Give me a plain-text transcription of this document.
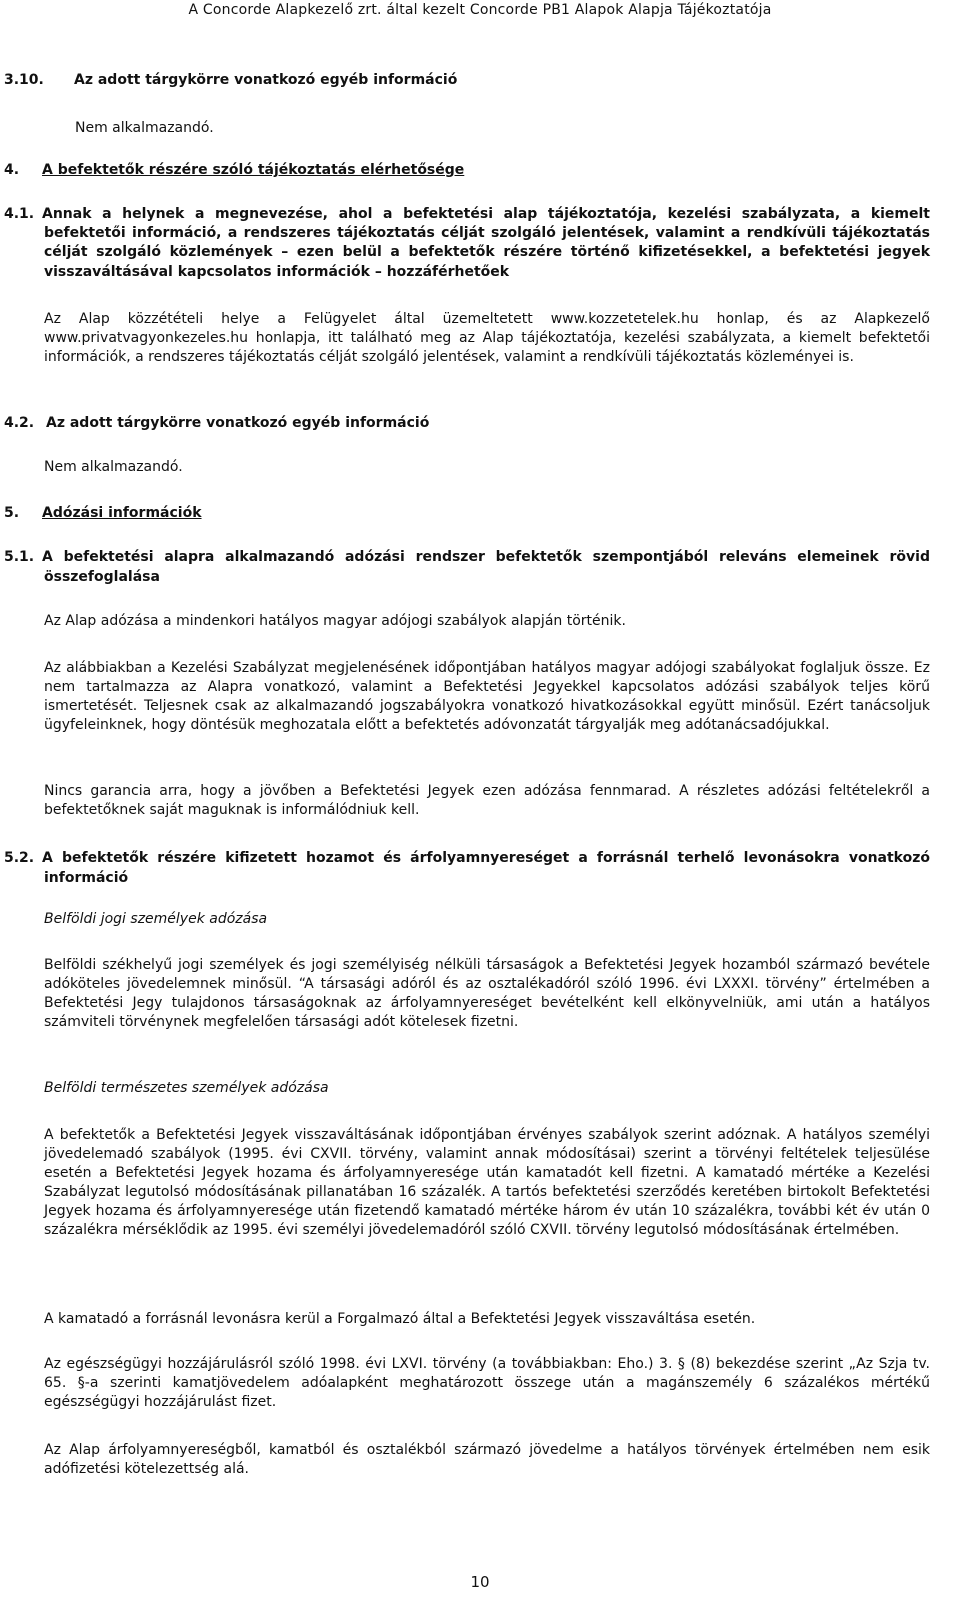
A Concorde Alapkezelő zrt. által kezelt Concorde PB1 Alapok Alapja Tájékoztatója
3.10. Az adott tárgykörre vonatkozó egyéb információ
Nem alkalmazandó.
4. A befektetők részére szóló tájékoztatás elérhetősége
4.1. Annak a helynek a megnevezése, ahol a befektetési alap tájékoztatója, kezelési szabályzata, a kiemelt befektetői információ, a rendszeres tájékoztatás célját szolgáló jelentések, valamint a rendkívüli tájékoztatás célját szolgáló közlemények – ezen belül a befektetők részére történő kifizetésekkel, a befektetési jegyek visszaváltásával kapcsolatos információk – hozzáférhetőek
Az Alap közzétételi helye a Felügyelet által üzemeltetett www.kozzetetelek.hu honlap, és az Alapkezelő www.privatvagyonkezeles.hu honlapja, itt található meg az Alap tájékoztatója, kezelési szabályzata, a kiemelt befektetői információk, a rendszeres tájékoztatás célját szolgáló jelentések, valamint a rendkívüli tájékoztatás közleményei is.
4.2. Az adott tárgykörre vonatkozó egyéb információ
Nem alkalmazandó.
5. Adózási információk
5.1. A befektetési alapra alkalmazandó adózási rendszer befektetők szempontjából releváns elemeinek rövid összefoglalása
Az Alap adózása a mindenkori hatályos magyar adójogi szabályok alapján történik.
Az alábbiakban a Kezelési Szabályzat megjelenésének időpontjában hatályos magyar adójogi szabályokat foglaljuk össze. Ez nem tartalmazza az Alapra vonatkozó, valamint a Befektetési Jegyekkel kapcsolatos adózási szabályok teljes körű ismertetését. Teljesnek csak az alkalmazandó jogszabályokra vonatkozó hivatkozásokkal együtt minősül. Ezért tanácsoljuk ügyfeleinknek, hogy döntésük meghozatala előtt a befektetés adóvonzatát tárgyalják meg adótanácsadójukkal.
Nincs garancia arra, hogy a jövőben a Befektetési Jegyek ezen adózása fennmarad. A részletes adózási feltételekről a befektetőknek saját maguknak is informálódniuk kell.
5.2. A befektetők részére kifizetett hozamot és árfolyamnyereséget a forrásnál terhelő levonásokra vonatkozó információ
Belföldi jogi személyek adózása
Belföldi székhelyű jogi személyek és jogi személyiség nélküli társaságok a Befektetési Jegyek hozamból származó bevétele adóköteles jövedelemnek minősül. “A társasági adóról és az osztalékadóról szóló 1996. évi LXXXI. törvény” értelmében a Befektetési Jegy tulajdonos társaságoknak az árfolyamnyereséget bevételként kell elkönyvelniük, ami után a hatályos számviteli törvénynek megfelelően társasági adót kötelesek fizetni.
Belföldi természetes személyek adózása
A befektetők a Befektetési Jegyek visszaváltásának időpontjában érvényes szabályok szerint adóznak. A hatályos személyi jövedelemadó szabályok (1995. évi CXVII. törvény, valamint annak módosításai) szerint a törvényi feltételek teljesülése esetén a Befektetési Jegyek hozama és árfolyamnyeresége után kamatadót kell fizetni. A kamatadó mértéke a Kezelési Szabályzat legutolsó módosításának pillanatában 16 százalék. A tartós befektetési szerződés keretében birtokolt Befektetési Jegyek hozama és árfolyamnyeresége után fizetendő kamatadó mértéke három év után 10 százalékra, további két év után 0 százalékra mérséklődik az 1995. évi személyi jövedelemadóról szóló CXVII. törvény legutolsó módosításának értelmében.
A kamatadó a forrásnál levonásra kerül a Forgalmazó által a Befektetési Jegyek visszaváltása esetén.
Az egészségügyi hozzájárulásról szóló 1998. évi LXVI. törvény (a továbbiakban: Eho.) 3. § (8) bekezdése szerint „Az Szja tv. 65. §-a szerinti kamatjövedelem adóalapként meghatározott összege után a magánszemély 6 százalékos mértékű egészségügyi hozzájárulást fizet.
Az Alap árfolyamnyereségből, kamatból és osztalékból származó jövedelme a hatályos törvények értelmében nem esik adófizetési kötelezettség alá.
10
